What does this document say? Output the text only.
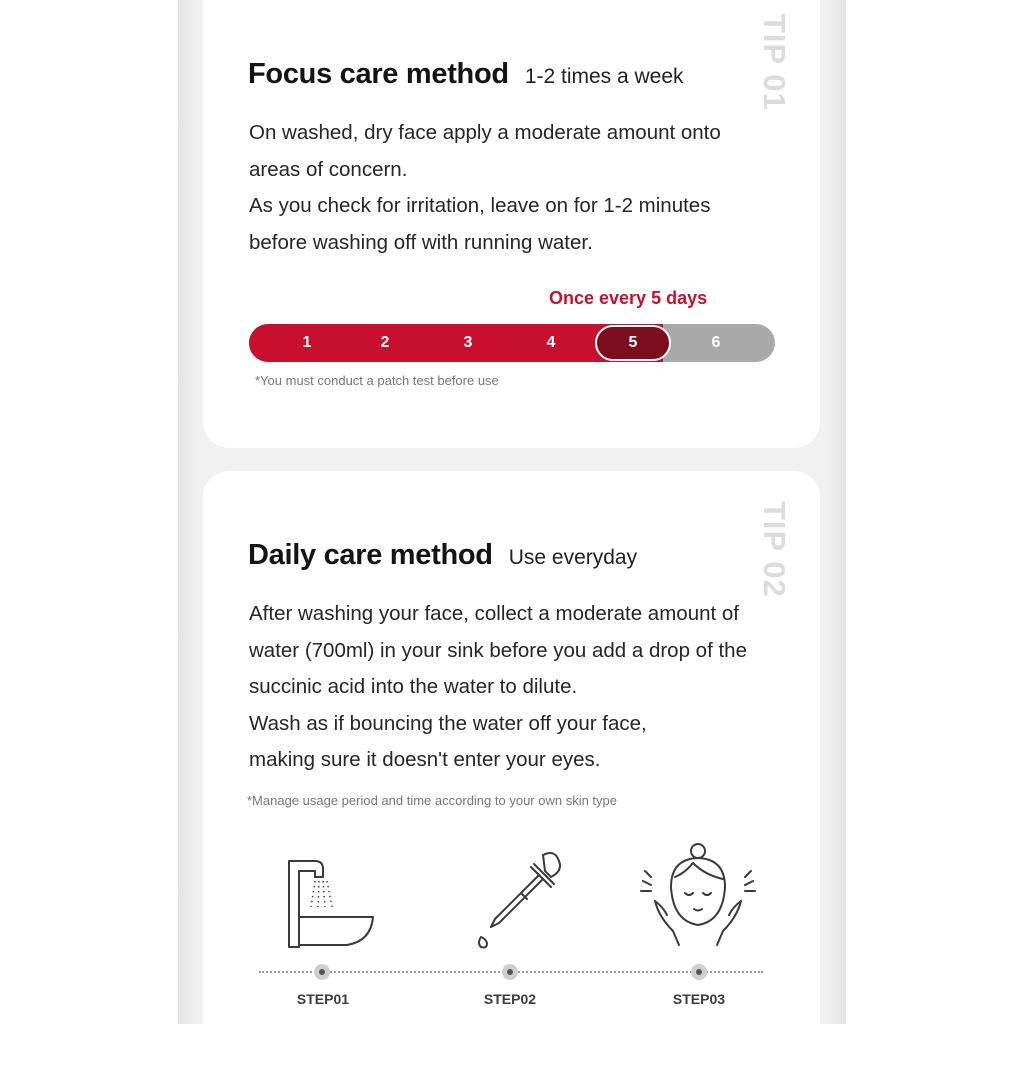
TIP 01
Focus care method 1-2 times a week

On washed, dry face apply a moderate amount onto areas of concern.

As you check for irritation, leave on for 1-2 minutes before washing off with running water.

Once every 5 days
1	2	3	4	6
*You must conduct a patch test before use
5
TIP 02
Daily care method Use everyday

After washing your face, collect a moderate amount of water (700ml) in your sink before you add a drop of the succinic acid into the water to dilute.

Wash as if bouncing the water off your face, making sure it doesn't enter your eyes.

*Manage usage period and time according to your own skin type
STEP01	STEP02	STEP03
